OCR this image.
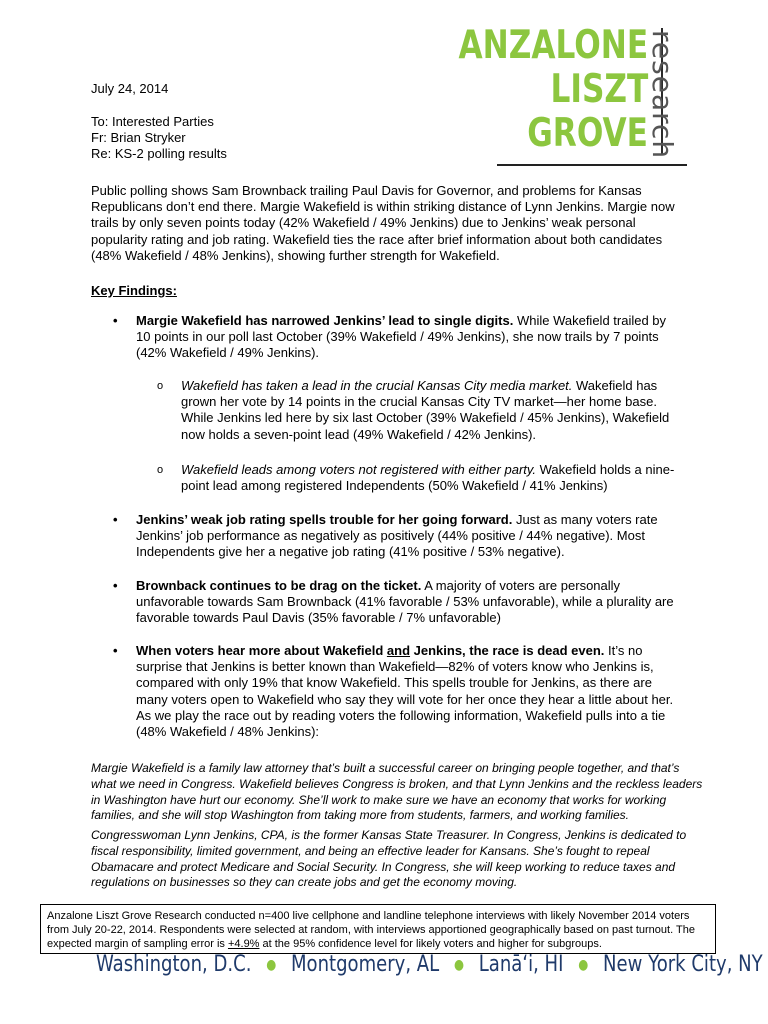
ANZALONE
LISZT
GROVE
research
July 24, 2014
To: Interested Parties
Fr: Brian Stryker
Re: KS-2 polling results
Public polling shows Sam Brownback trailing Paul Davis for Governor, and problems for Kansas Republicans don’t end there. Margie Wakefield is within striking distance of Lynn Jenkins. Margie now trails by only seven points today (42% Wakefield / 49% Jenkins) due to Jenkins’ weak personal popularity rating and job rating. Wakefield ties the race after brief information about both candidates (48% Wakefield / 48% Jenkins), showing further strength for Wakefield.
Key Findings:
• Margie Wakefield has narrowed Jenkins’ lead to single digits. While Wakefield trailed by 10 points in our poll last October (39% Wakefield / 49% Jenkins), she now trails by 7 points (42% Wakefield / 49% Jenkins).
o Wakefield has taken a lead in the crucial Kansas City media market. Wakefield has grown her vote by 14 points in the crucial Kansas City TV market—her home base. While Jenkins led here by six last October (39% Wakefield / 45% Jenkins), Wakefield now holds a seven-point lead (49% Wakefield / 42% Jenkins).
o Wakefield leads among voters not registered with either party. Wakefield holds a nine-point lead among registered Independents (50% Wakefield / 41% Jenkins)
• Jenkins’ weak job rating spells trouble for her going forward. Just as many voters rate Jenkins’ job performance as negatively as positively (44% positive / 44% negative). Most Independents give her a negative job rating (41% positive / 53% negative).
• Brownback continues to be drag on the ticket. A majority of voters are personally unfavorable towards Sam Brownback (41% favorable / 53% unfavorable), while a plurality are favorable towards Paul Davis (35% favorable / 7% unfavorable)
• When voters hear more about Wakefield and Jenkins, the race is dead even. It’s no surprise that Jenkins is better known than Wakefield—82% of voters know who Jenkins is, compared with only 19% that know Wakefield. This spells trouble for Jenkins, as there are many voters open to Wakefield who say they will vote for her once they hear a little about her. As we play the race out by reading voters the following information, Wakefield pulls into a tie (48% Wakefield / 48% Jenkins):
Margie Wakefield is a family law attorney that’s built a successful career on bringing people together, and that’s what we need in Congress. Wakefield believes Congress is broken, and that Lynn Jenkins and the reckless leaders in Washington have hurt our economy. She’ll work to make sure we have an economy that works for working families, and she will stop Washington from taking more from students, farmers, and working families.
Congresswoman Lynn Jenkins, CPA, is the former Kansas State Treasurer. In Congress, Jenkins is dedicated to fiscal responsibility, limited government, and being an effective leader for Kansans. She’s fought to repeal Obamacare and protect Medicare and Social Security. In Congress, she will keep working to reduce taxes and regulations on businesses so they can create jobs and get the economy moving.
Anzalone Liszt Grove Research conducted n=400 live cellphone and landline telephone interviews with likely November 2014 voters from July 20-22, 2014. Respondents were selected at random, with interviews apportioned geographically based on past turnout. The expected margin of sampling error is +4.9% at the 95% confidence level for likely voters and higher for subgroups.
Washington, D.C. ● Montgomery, AL ● Lanā‘i, HI ● New York City, NY
